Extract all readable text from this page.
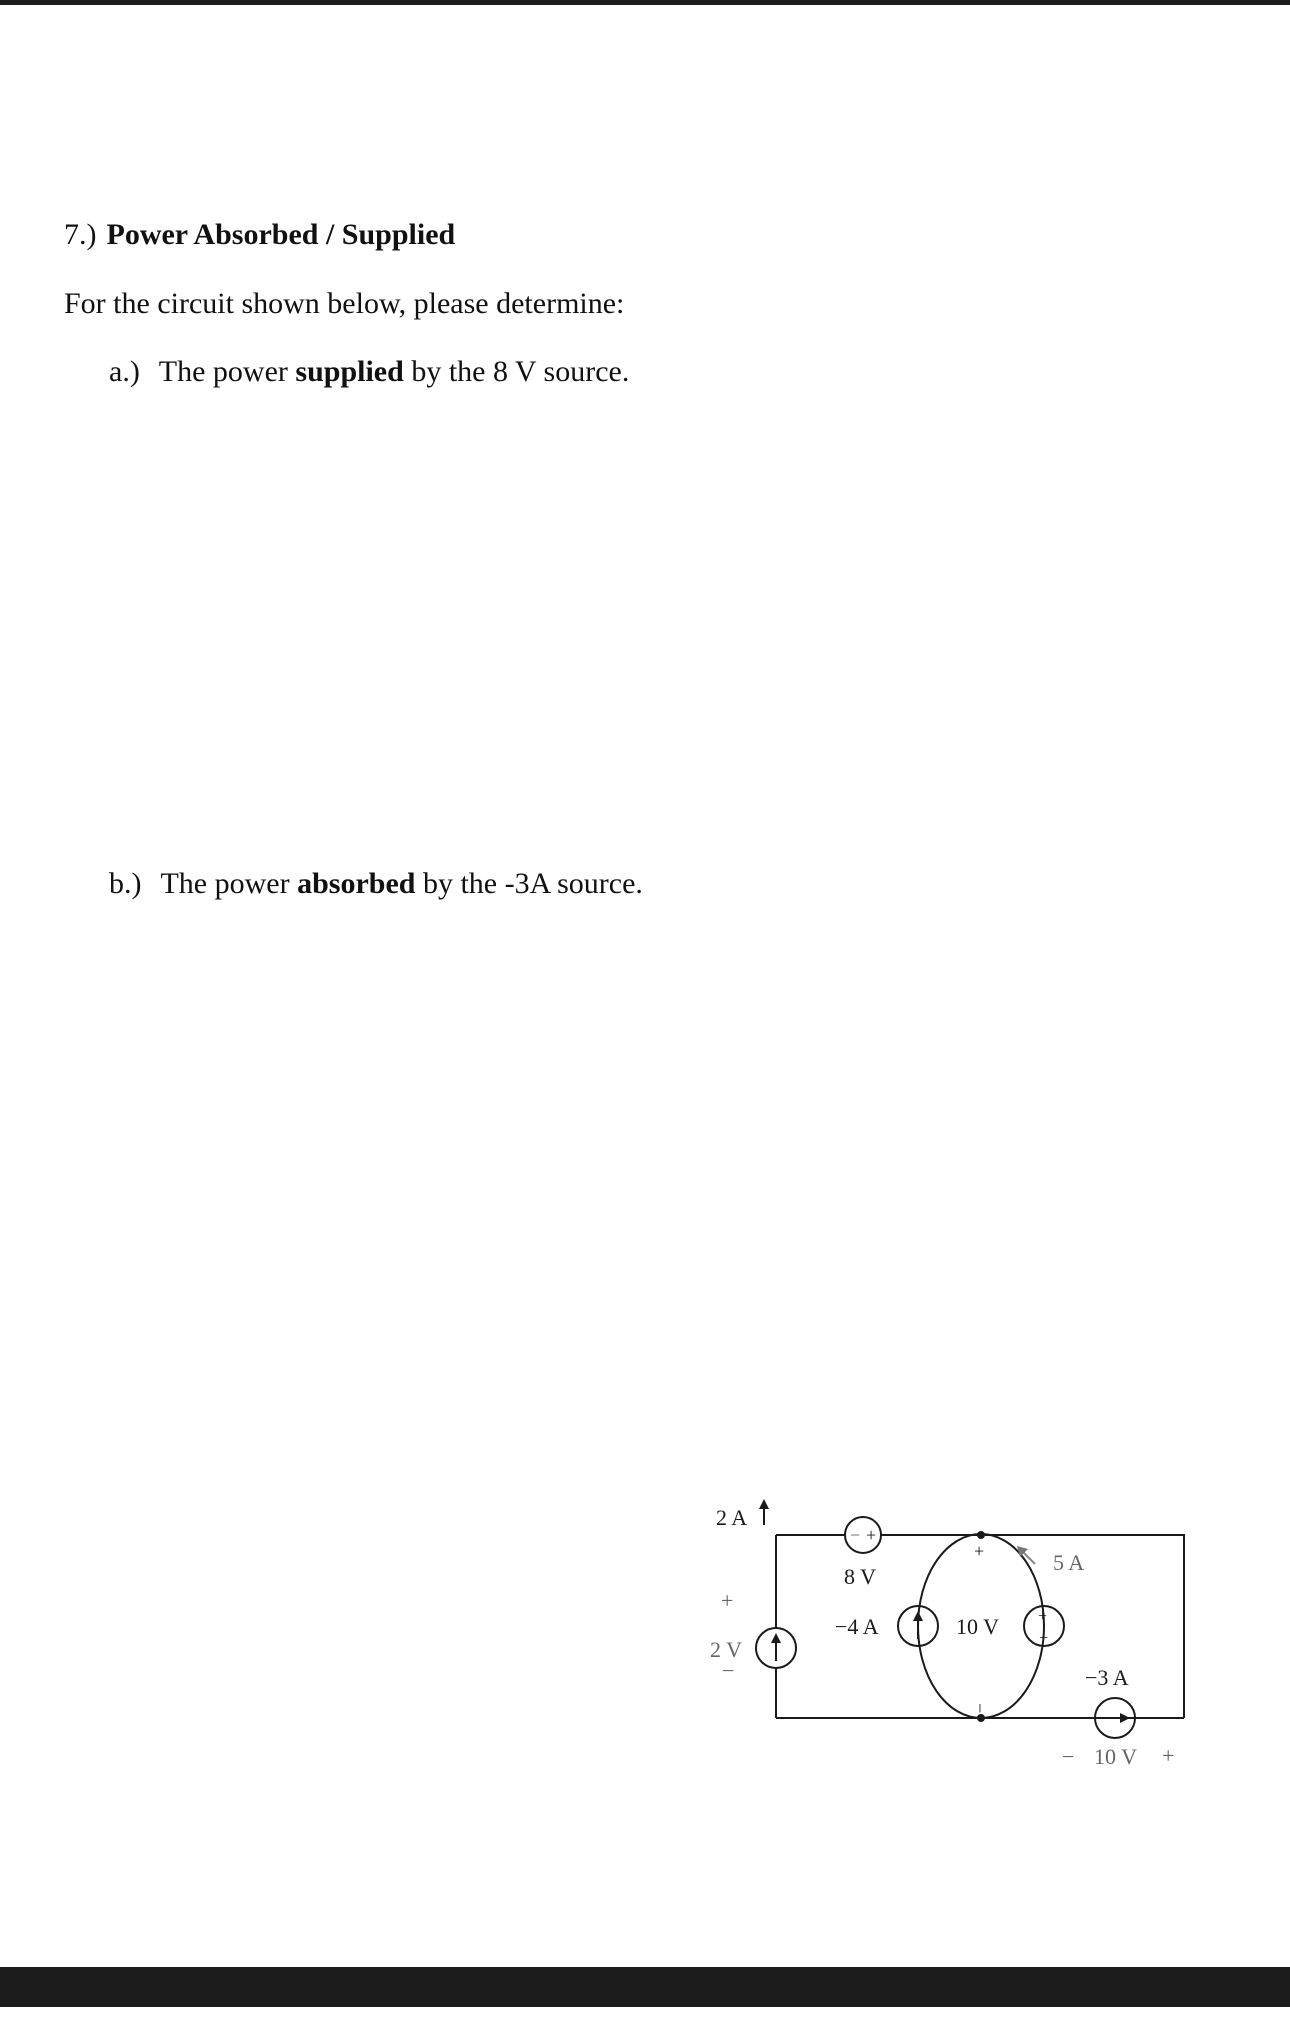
7.) Power Absorbed / Supplied
For the circuit shown below, please determine:
a.) The power supplied by the 8 V source.
b.) The power absorbed by the -3A source.
2 A
+
2 V
−
− +
8 V
−4 A
+
10 V
−
+
−
5 A
−3 A
− 10 V +
